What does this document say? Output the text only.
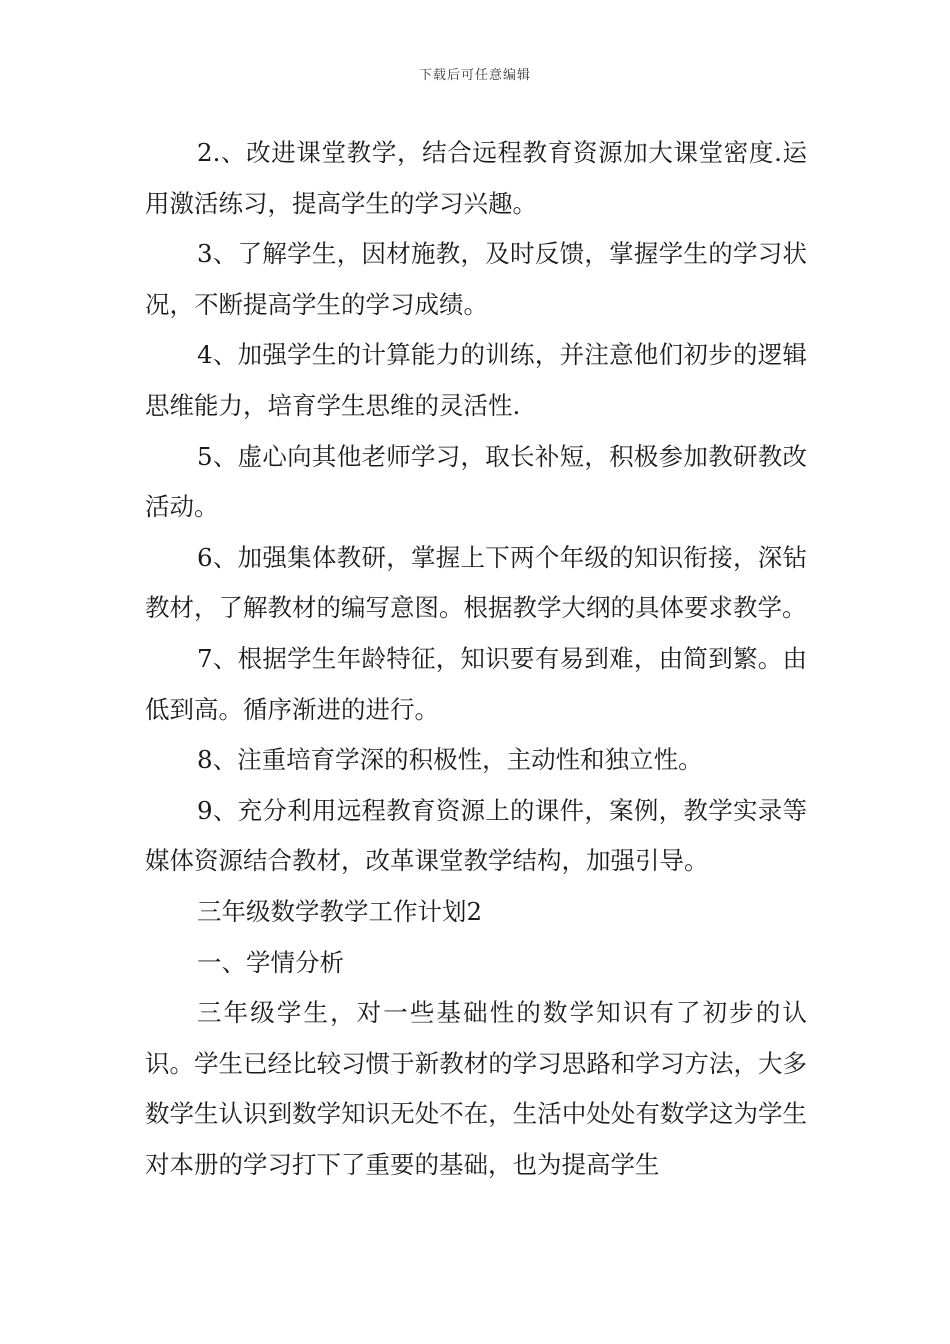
下载后可任意编辑

2.、改进课堂教学，结合远程教育资源加大课堂密度.运用激活练习，提高学生的学习兴趣。

3、了解学生，因材施教，及时反馈，掌握学生的学习状况，不断提高学生的学习成绩。

4、加强学生的计算能力的训练，并注意他们初步的逻辑思维能力，培育学生思维的灵活性.

5、虚心向其他老师学习，取长补短，积极参加教研教改活动。

6、加强集体教研，掌握上下两个年级的知识衔接，深钻教材，了解教材的编写意图。根据教学大纲的具体要求教学。

7、根据学生年龄特征，知识要有易到难，由简到繁。由低到高。循序渐进的进行。

8、注重培育学深的积极性，主动性和独立性。

9、充分利用远程教育资源上的课件，案例，教学实录等媒体资源结合教材，改革课堂教学结构，加强引导。

三年级数学教学工作计划2

一、学情分析

三年级学生，对一些基础性的数学知识有了初步的认识。学生已经比较习惯于新教材的学习思路和学习方法，大多数学生认识到数学知识无处不在，生活中处处有数学这为学生对本册的学习打下了重要的基础，也为提高学生
